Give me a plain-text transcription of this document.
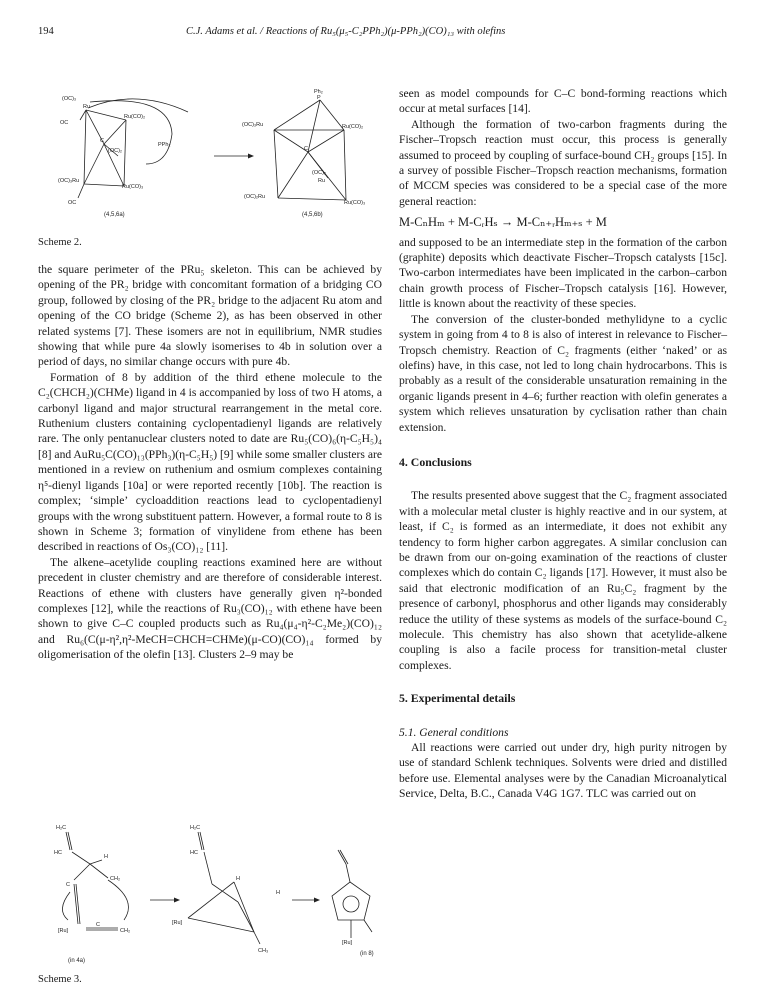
194	C.J. Adams et al. / Reactions of Ru₅(μ₅-C₂PPh₂)(μ-PPh₂)(CO)₁₃ with olefins
(OC)₃
Ru
OC
Ru(CO)₂
C
(OC)₂
PPh₂
(OC)₃Ru
Ru(CO)₃
OC
(4,5,6a)
Ph₂
P
(OC)₃Ru	Ru(CO)₂
C
(OC)₂
Ru
(OC)₂Ru
Ru(CO)₃
(4,5,6b)
Scheme 2.

the square perimeter of the PRu₅ skeleton. This can be achieved by opening of the PR₂ bridge with concomitant formation of a bridging CO group, followed by closing of the PR₂ bridge to the adjacent Ru atom and opening of the CO bridge (Scheme 2), as has been observed in other related systems [7]. These isomers are not in equilibrium, NMR studies showing that while pure 4a slowly isomerises to 4b in solution over a period of days, no similar change occurs with pure 4b.

Formation of 8 by addition of the third ethene molecule to the C₂(CHCH₂)(CHMe) ligand in 4 is accompanied by loss of two H atoms, a carbonyl ligand and major structural rearrangement in the metal core. Ruthenium clusters containing cyclopentadienyl ligands are relatively rare. The only pentanuclear clusters noted to date are Ru₅(CO)₆(η-C₅H₅)₄ [8] and AuRu₅C(CO)₁₃(PPh₃)(η-C₅H₅) [9] while some smaller clusters are mentioned in a review on ruthenium and osmium complexes containing η⁵-dienyl ligands [10a] or were reported recently [10b]. The reaction is complex; ‘simple’ cycloaddition reactions lead to cyclopentadienyl groups with the wrong substituent pattern. However, a formal route to 8 is shown in Scheme 3; formation of vinylidene from ethene has been described in reactions of Os₃(CO)₁₂ [11].

The alkene–acetylide coupling reactions examined here are without precedent in cluster chemistry and are therefore of considerable interest. Reactions of ethene with clusters have generally given η²-bonded complexes [12], while the reactions of Ru₃(CO)₁₂ with ethene have been shown to give C–C coupled products such as Ru₄(μ₄-η²-C₂Me₂)(CO)₁₂ and Ru₆(C(μ-η²,η²-MeCH=CHCH=CHMe)(μ-CO)(CO)₁₄ formed by oligomerisation of the olefin [13]. Clusters 2–9 may be

H₂C
HC
H
CH₂
C
[Ru]
C
CH₂
(in 4a)
H₂C
HC
H
H
[Ru]
CH₃
[Ru]
(in 8)
Scheme 3.

seen as model compounds for C–C bond-forming reactions which occur at metal surfaces [14].

Although the formation of two-carbon fragments during the Fischer–Tropsch reaction must occur, this process is generally assumed to proceed by coupling of surface-bound CH₂ groups [15]. In a survey of possible Fischer–Tropsch reaction mechanisms, formation of MCCM species was considered to be a special case of the more general reaction:

M-CₙHₘ + M-CᵣHₛ → M-Cₙ₊ᵣHₘ₊ₛ + M

and supposed to be an intermediate step in the formation of the carbon (graphite) deposits which deactivate Fischer–Tropsch catalysts [15c]. Two-carbon intermediates have been implicated in the carbon–carbon chain growth process of Fischer–Tropsch catalysis [16]. However, little is known about the reactivity of these species.

The conversion of the cluster-bonded methylidyne to a cyclic system in going from 4 to 8 is also of interest in relevance to Fischer–Tropsch chemistry. Reaction of C₂ fragments (either ‘naked’ or as olefins) have, in this case, not led to long chain hydrocarbons. This is probably as a result of the considerable unsaturation remaining in the organic ligands present in 4–6; further reaction with olefin generates a system which relieves unsaturation by cyclisation rather than chain extension.

4. Conclusions

The results presented above suggest that the C₂ fragment associated with a molecular metal cluster is highly reactive and in our system, at least, if C₂ is formed as an intermediate, it does not exhibit any tendency to form higher carbon aggregates. A similar conclusion can be drawn from our on-going examination of the reactions of cluster complexes which do contain C₂ ligands [17]. However, it must also be said that electronic modification of an Ru₅C₂ fragment by the presence of carbonyl, phosphorus and other ligands may considerably reduce the utility of these systems as models of the surface-bound C₂ molecule. This chemistry has also shown that acetylide-alkene coupling is also a facile process for transition-metal cluster complexes.

5. Experimental details

5.1. General conditions

All reactions were carried out under dry, high purity nitrogen by use of standard Schlenk techniques. Solvents were dried and distilled before use. Elemental analyses were by the Canadian Microanalytical Service, Delta, B.C., Canada V4G 1G7. TLC was carried out on
